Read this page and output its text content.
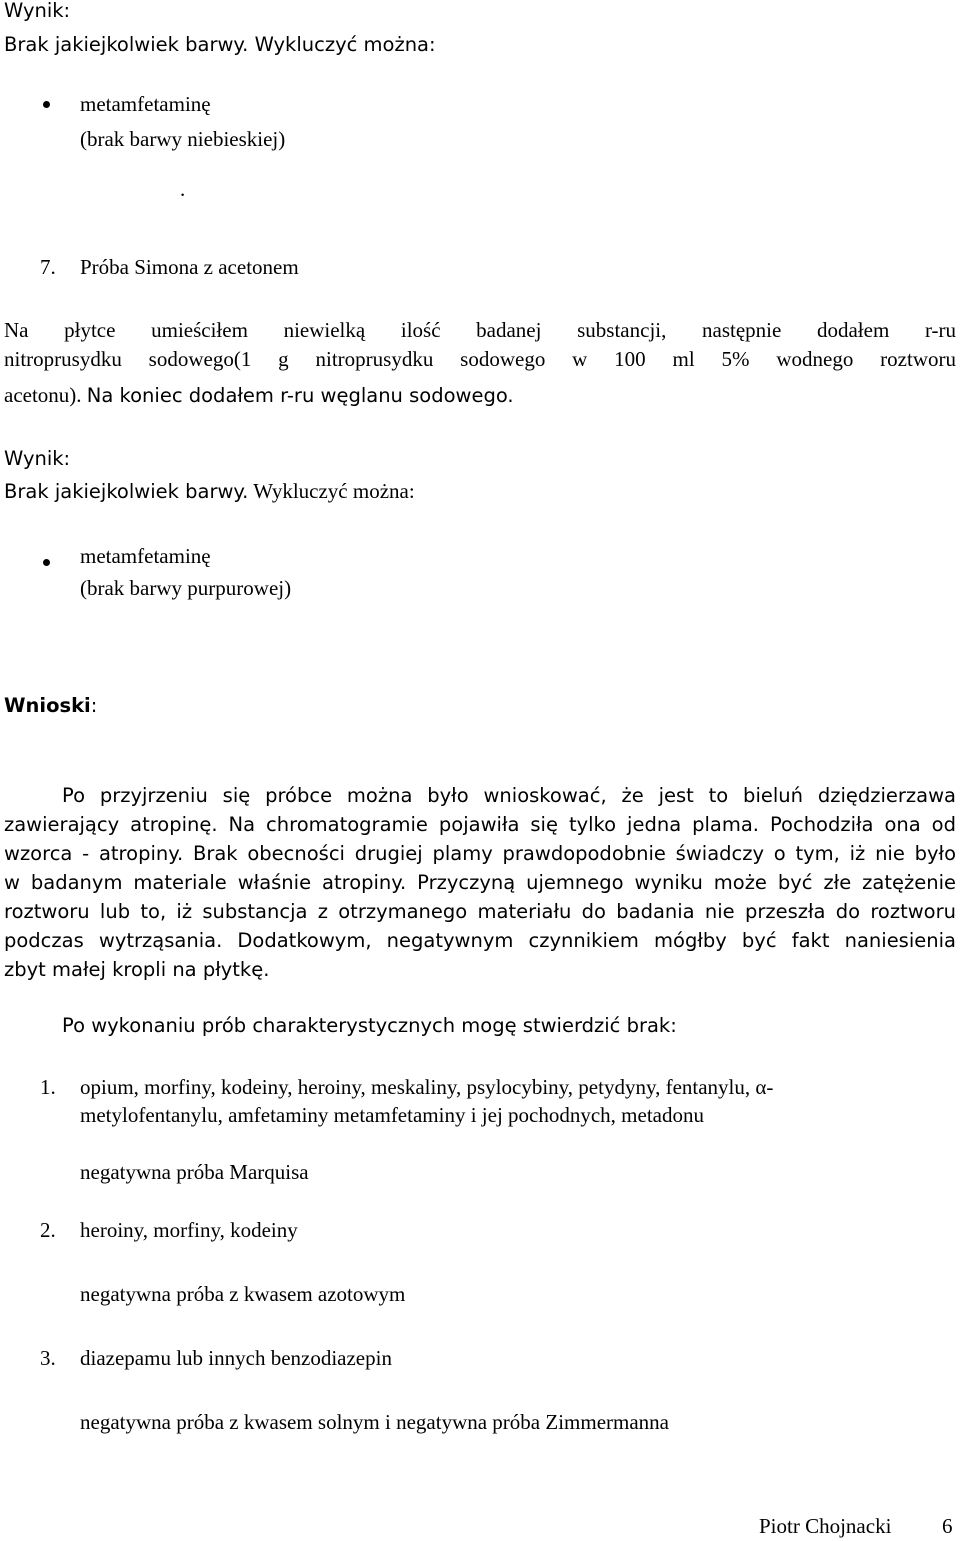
Wynik:
Brak jakiejkolwiek barwy. Wykluczyć można:
metamfetaminę
(brak barwy niebieskiej)
.
7. Próba Simona z acetonem
Na płytce umieściłem niewielką ilość badanej substancji, następnie dodałem r-ru
nitroprusydku sodowego(1 g nitroprusydku sodowego w 100 ml 5% wodnego roztworu
acetonu). Na koniec dodałem r-ru węglanu sodowego.
Wynik:
Brak jakiejkolwiek barwy. Wykluczyć można:
metamfetaminę
(brak barwy purpurowej)
Wnioski:
Po przyjrzeniu się próbce można było wnioskować, że jest to bieluń dziędzierzawa
zawierający atropinę. Na chromatogramie pojawiła się tylko jedna plama. Pochodziła ona od
wzorca - atropiny. Brak obecności drugiej plamy prawdopodobnie świadczy o tym, iż nie było
w badanym materiale właśnie atropiny. Przyczyną ujemnego wyniku może być złe zatężenie
roztworu lub to, iż substancja z otrzymanego materiału do badania nie przeszła do roztworu
podczas wytrząsania. Dodatkowym, negatywnym czynnikiem mógłby być fakt naniesienia
zbyt małej kropli na płytkę.
Po wykonaniu prób charakterystycznych mogę stwierdzić brak:
1. opium, morfiny, kodeiny, heroiny, meskaliny, psylocybiny, petydyny, fentanylu, α-
metylofentanylu, amfetaminy metamfetaminy i jej pochodnych, metadonu
negatywna próba Marquisa
2. heroiny, morfiny, kodeiny
negatywna próba z kwasem azotowym
3. diazepamu lub innych benzodiazepin
negatywna próba z kwasem solnym i negatywna próba Zimmermanna
Piotr Chojnacki 6
